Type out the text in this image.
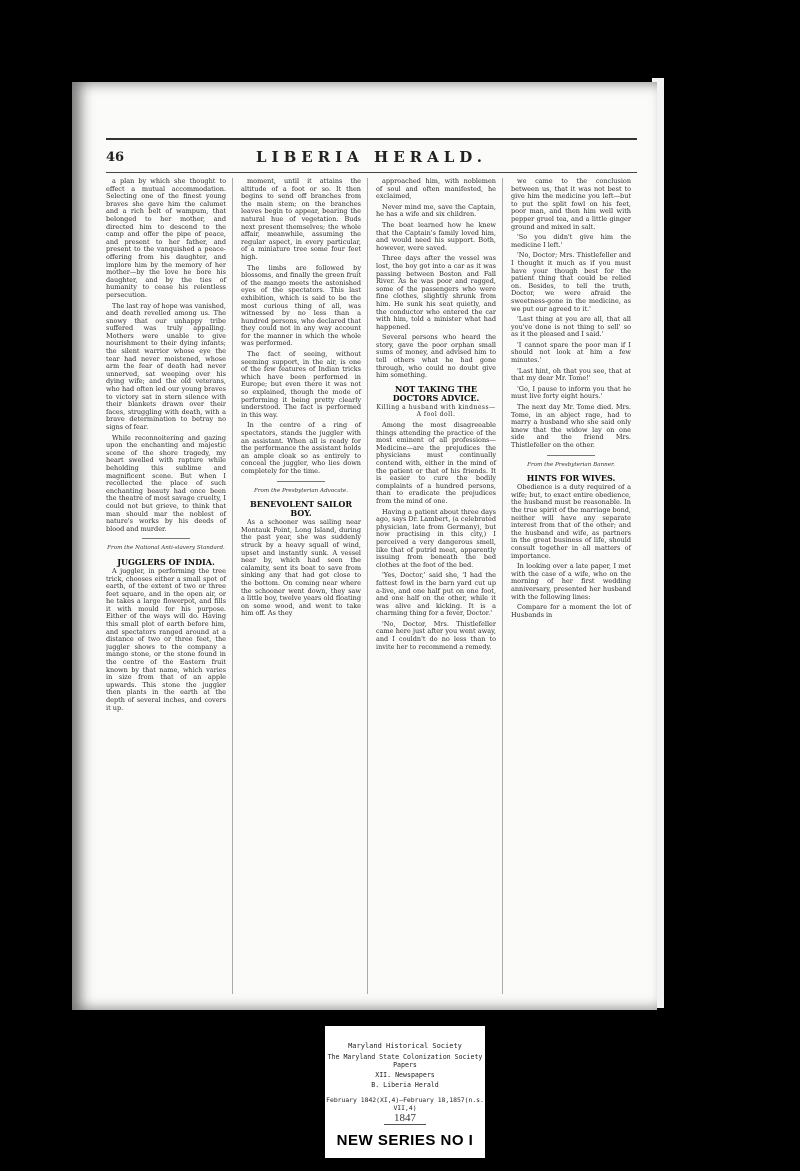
46	LIBERIA HERALD.

a plan by which she thought to effect a mutual accommodation. Selecting one of the finest young braves she gave him the calumet and a rich belt of wampum, that belonged to her mother, and directed him to descend to the camp and offer the pipe of peace, and present to her father, and present to the vanquished a peace-offering from his daughter, and implore him by the memory of her mother—by the love he bore his daughter, and by the ties of humanity to cease his relentless persecution.

The last ray of hope was vanished, and death revelled among us. The snowy that our unhappy tribe suffered was truly appalling. Mothers were unable to give nourishment to their dying infants; the silent warrior whose eye the tear had never moistened, whose arm the fear of death had never unnerved, sat weeping over his dying wife; and the old veterans, who had often led our young braves to victory sat in stern silence with their blankets drawn over their faces, struggling with death, with a brave determination to betray no signs of fear.

While reconnoitering and gazing upon the enchanting and majestic scene of the shore tragedy, my heart swelled with rapture while beholding this sublime and magnificent scene. But when I recollected the place of such enchanting beauty had once been the theatre of most savage cruelty, I could not but grieve, to think that man should mar the noblest of nature's works by his deeds of blood and murder.

From the National Anti-slavery Standard.

JUGGLERS OF INDIA.

A juggler, in performing the tree trick, chooses either a small spot of earth, of the extent of two or three feet square, and in the open air, or he takes a large flowerpot, and fills it with mould for his purpose. Either of the ways will do. Having this small plot of earth before him, and spectators ranged around at a distance of two or three feet, the juggler shows to the company a mango stone, or the stone found in the centre of the Eastern fruit known by that name, which varies in size from that of an apple upwards. This stone the juggler then plants in the earth at the depth of several inches, and covers it up.

moment, until it attains the altitude of a foot or so. It then begins to send off branches from the main stem; on the branches leaves begin to appear, bearing the natural hue of vegetation. Buds next present themselves; the whole affair, meanwhile, assuming the regular aspect, in every particular, of a miniature tree some four feet high.

The limbs are followed by blossoms, and finally the green fruit of the mango meets the astonished eyes of the spectators. This last exhibition, which is said to be the most curious thing of all, was witnessed by no less than a hundred persons, who declared that they could not in any way account for the manner in which the whole was performed.

The fact of seeing, without seeming support, in the air, is one of the few features of Indian tricks which have been performed in Europe; but even there it was not so explained, though the mode of performing it being pretty clearly understood. The fact is performed in this way.

In the centre of a ring of spectators, stands the juggler with an assistant. When all is ready for the performance the assistant holds an ample cloak so as entirely to conceal the juggler, who lies down completely for the time.

From the Presbyterian Advocate.

BENEVOLENT SAILOR BOY.

As a schooner was sailing near Montauk Point, Long Island, during the past year, she was suddenly struck by a heavy squall of wind, upset and instantly sunk. A vessel near by, which had seen the calamity, sent its boat to save from sinking any that had got close to the bottom. On coming near where the schooner went down, they saw a little boy, twelve years old floating on some wood, and went to take him off. As they

approached him, with noblemen of soul and often manifested, he exclaimed,

Never mind me, save the Captain, he has a wife and six children.

The boat learned how he knew that the Captain's family loved him, and would need his support. Both, however, were saved.

Three days after the vessel was lost, the boy got into a car as it was passing between Boston and Fall River. As he was poor and ragged, some of the passengers who were fine clothes, slightly shrunk from him. He sunk his seat quietly, and the conductor who entered the car with him, told a minister what had happened.

Several persons who heard the story, gave the poor orphan small sums of money, and advised him to tell others what he had gone through, who could no doubt give him something.

NOT TAKING THE DOCTORS ADVICE.

Killing a husband with kindness—A fool doll.

Among the most disagreeable things attending the practice of the most eminent of all professions—Medicine—are the prejudices the physicians must continually contend with, either in the mind of the patient or that of his friends. It is easier to cure the bodily complaints of a hundred persons, than to eradicate the prejudices from the mind of one.

Having a patient about three days ago, says Dr. Lambert, (a celebrated physician, late from Germany), but now practising in this city,) I perceived a very dangerous smell, like that of putrid meat, apparently issuing from beneath the bed clothes at the foot of the bed.

'Yes, Doctor,' said she, 'I had the fattest fowl in the barn yard cut up a-live, and one half put on one foot, and one half on the other, while it was alive and kicking. It is a charming thing for a fever, Doctor.'

'No, Doctor, Mrs. Thistlefeller came here just after you went away, and I couldn't do no less than to invite her to recommend a remedy.

we came to the conclusion between us, that it was not best to give him the medicine you left—but to put the split fowl on his feet, poor man, and then him well with pepper gruel tea, and a little ginger ground and mixed in salt.

'So you didn't give him the medicine I left.'

'No, Doctor; Mrs. Thistlefeller and I thought it much as if you must have your though best for the patient thing that could be relied on. Besides, to tell the truth, Doctor, we were afraid the sweetness-gone in the medicine, as we put our agreed to it.'

'Last thing at you are all, that all you've done is not thing to sell' so as it the pleased and I said.'

'I cannot spare the poor man if I should not look at him a few minutes.'

'Last hint, oh that you see, that at that my dear Mr. Tome!'

'Go, I pause to inform you that he must live forty eight hours.'

The next day Mr. Tome died. Mrs. Tome, in an abject rage, had to marry a husband who she said only knew that the widow lay on one side and the friend Mrs. Thistlefeller on the other.

From the Presbyterian Banner.

HINTS FOR WIVES.

Obedience is a duty required of a wife; but, to exact entire obedience, the husband must be reasonable. In the true spirit of the marriage bond, neither will have any separate interest from that of the other; and the husband and wife, as partners in the great business of life, should consult together in all matters of importance.

In looking over a late paper, I met with the case of a wife, who on the morning of her first wedding anniversary, presented her husband with the following lines:

Compare for a moment the lot of Husbands in

Maryland Historical Society
The Maryland State Colonization Society Papers
XII. Newspapers
B. Liberia Herald
February 1842(XI,4)—February 18,1857(n.s. VII,4)
1847
NEW SERIES NO I
